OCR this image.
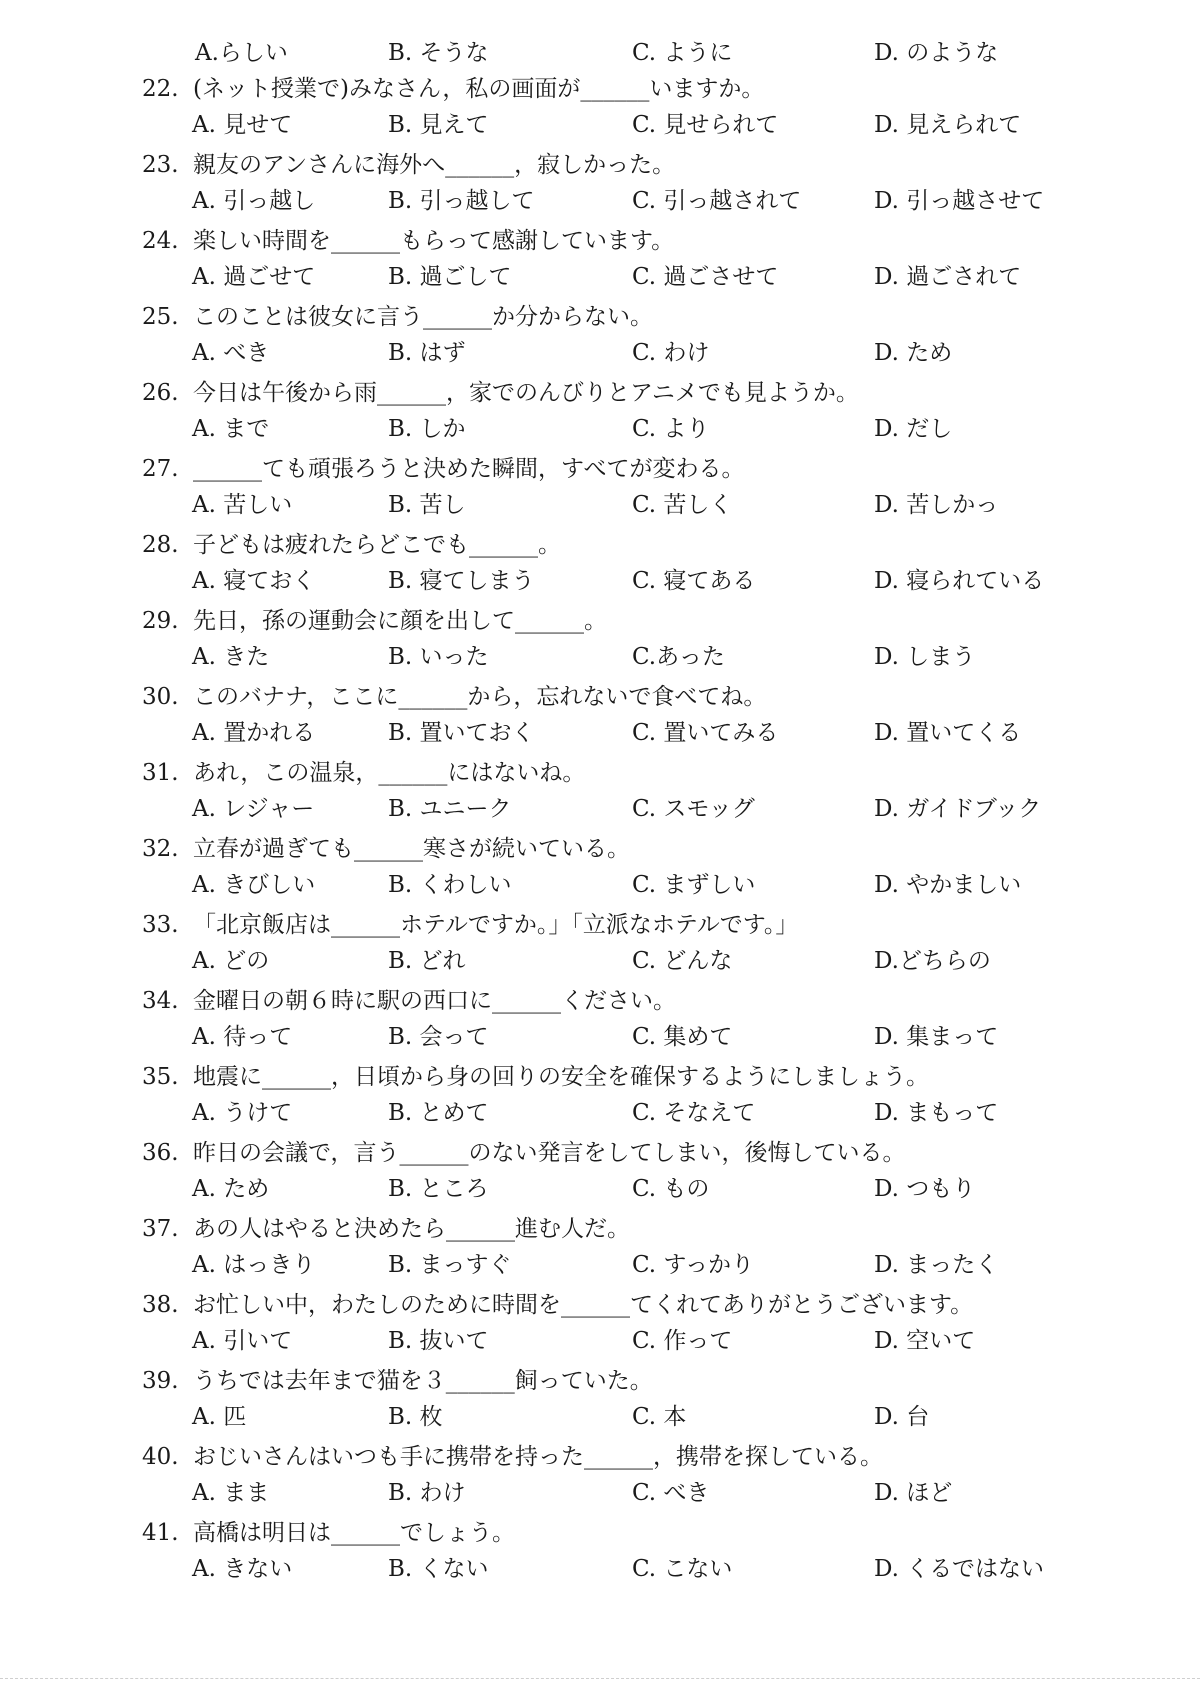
A.らしい	B. そうな	C. ように	D. のような
22. (ネット授業で)みなさん，私の画面が______いますか。
A. 見せて	B. 見えて	C. 見せられて	D. 見えられて
23. 親友のアンさんに海外へ______，寂しかった。
A. 引っ越し	B. 引っ越して	C. 引っ越されて	D. 引っ越させて
24. 楽しい時間を______もらって感謝しています。
A. 過ごせて	B. 過ごして	C. 過ごさせて	D. 過ごされて
25. このことは彼女に言う______か分からない。
A. べき	B. はず	C. わけ	D. ため
26. 今日は午後から雨______，家でのんびりとアニメでも見ようか。
A. まで	B. しか	C. より	D. だし
27. ______ても頑張ろうと決めた瞬間，すべてが変わる。
A. 苦しい	B. 苦し	C. 苦しく	D. 苦しかっ
28. 子どもは疲れたらどこでも______。
A. 寝ておく	B. 寝てしまう	C. 寝てある	D. 寝られている
29. 先日，孫の運動会に顔を出して______。
A. きた	B. いった	C.あった	D. しまう
30. このバナナ，ここに______から，忘れないで食べてね。
A. 置かれる	B. 置いておく	C. 置いてみる	D. 置いてくる
31. あれ，この温泉，______にはないね。
A. レジャー	B. ユニーク	C. スモッグ	D. ガイドブック
32. 立春が過ぎても______寒さが続いている。
A. きびしい	B. くわしい	C. まずしい	D. やかましい
33. 「北京飯店は______ホテルですか。」「立派なホテルです。」
A. どの	B. どれ	C. どんな	D.どちらの
34. 金曜日の朝６時に駅の西口に______ください。
A. 待って	B. 会って	C. 集めて	D. 集まって
35. 地震に______，日頃から身の回りの安全を確保するようにしましょう。
A. うけて	B. とめて	C. そなえて	D. まもって
36. 昨日の会議で，言う______のない発言をしてしまい，後悔している。
A. ため	B. ところ	C. もの	D. つもり
37. あの人はやると決めたら______進む人だ。
A. はっきり	B. まっすぐ	C. すっかり	D. まったく
38. お忙しい中，わたしのために時間を______てくれてありがとうございます。
A. 引いて	B. 抜いて	C. 作って	D. 空いて
39. うちでは去年まで猫を３______飼っていた。
A. 匹	B. 枚	C. 本	D. 台
40. おじいさんはいつも手に携帯を持った______，携帯を探している。
A. まま	B. わけ	C. べき	D. ほど
41. 高橋は明日は______でしょう。
A. きない	B. くない	C. こない	D. くるではない
